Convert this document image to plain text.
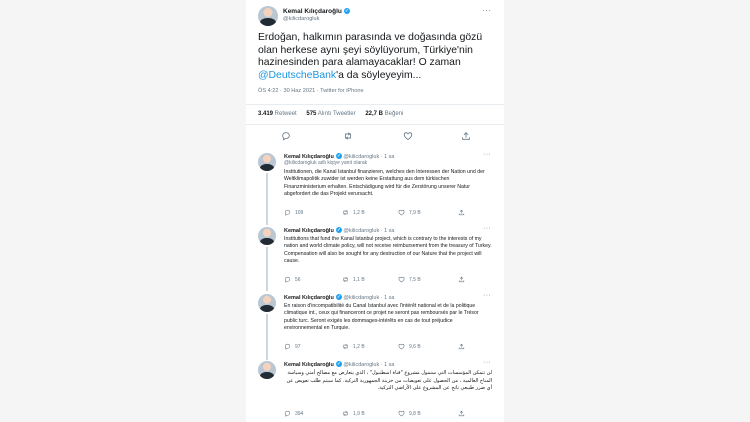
Kemal Kılıçdaroğlu ✓
@kilicdarogluk
···
Erdoğan, halkımın parasında ve doğasında gözü olan herkese aynı şeyi söylüyorum, Türkiye'nin hazinesinden para alamayacaklar! O zaman @DeutscheBank'a da söyleyeyim...
ÖS 4:22 · 30 Haz 2021 · Twitter for iPhone
3.419 Retweet 575 Alıntı Tweetler 22,7 B Beğeni
Kemal Kılıçdaroğlu ✓ @kilicdarogluk · 1 sa	···
@kilicdarogluk adlı kişiye yanıt olarak
Institutionen, die Kanal Istanbul finanzieren, welches den Interessen der Nation und der Weltklimapolitik zuwider ist werden keine Erstattung aus dem türkischen Finanzministerium erhalten. Entschädigung wird für die Zerstörung unserer Natur abgefordert die das Projekt verursacht.
109	1,2 B	7,9 B
Kemal Kılıçdaroğlu ✓ @kilicdarogluk · 1 sa	···
Institutions that fund the Kanal Istanbul project, which is contrary to the interests of my nation and world climate policy, will not receive reimbursement from the treasury of Turkey. Compensation will also be sought for any destruction of our Nature that the project will cause.
56	1,1 B	7,5 B
Kemal Kılıçdaroğlu ✓ @kilicdarogluk · 1 sa	···
En raison d'incompatibilité du Canal Istanbul avec l'intérêt national et de la politique climatique int., ceux qui financeront ce projet ne seront pas remboursés par le Trésor public turc. Seront exigés les dommages-intérêts en cas de tout préjudice environnemental en Turquie.
97	1,2 B	9,6 B
Kemal Kılıçdaroğlu ✓ @kilicdarogluk · 1 sa	···
لن تتمكن المؤسسات التي ستمول مشروع "قناة اسطنبول" ، الذي يتعارض مع مصالح أمتي وسياسة المناخ العالمية ، من الحصول على تعويضات من خزينة الجمهورية التركية. كما سيتم طلب تعويض عن أي ضرر طبيعي ناتج عن المشروع على الأراضي التركية.
394	1,9 B	9,8 B
